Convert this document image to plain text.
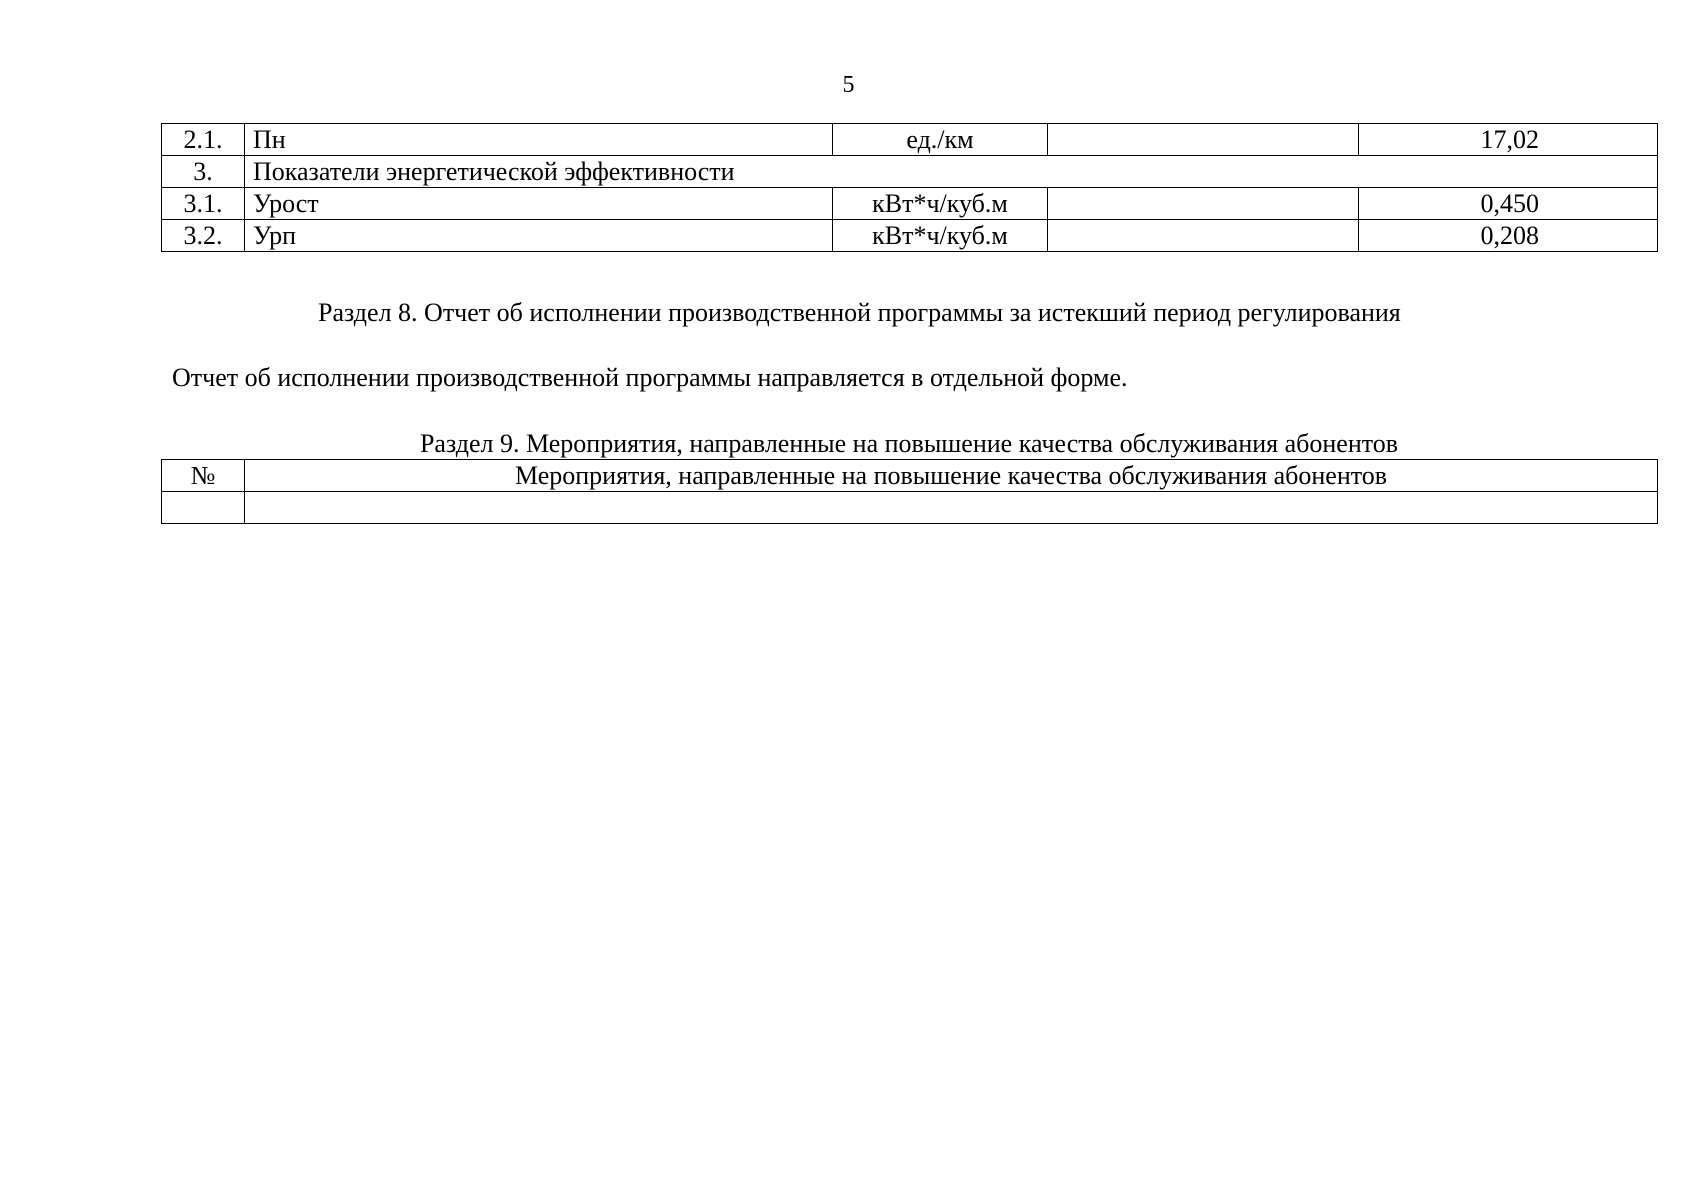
5
2.1.	Пн	ед./км		17,02
3.	Показатели энергетической эффективности			
3.1.	Урост	кВт*ч/куб.м		0,450
3.2.	Урп	кВт*ч/куб.м		0,208
Раздел 8. Отчет об исполнении производственной программы за истекший период регулирования
Отчет об исполнении производственной программы направляется в отдельной форме.
Раздел 9. Мероприятия, направленные на повышение качества обслуживания абонентов
№	Мероприятия, направленные на повышение качества обслуживания абонентов
